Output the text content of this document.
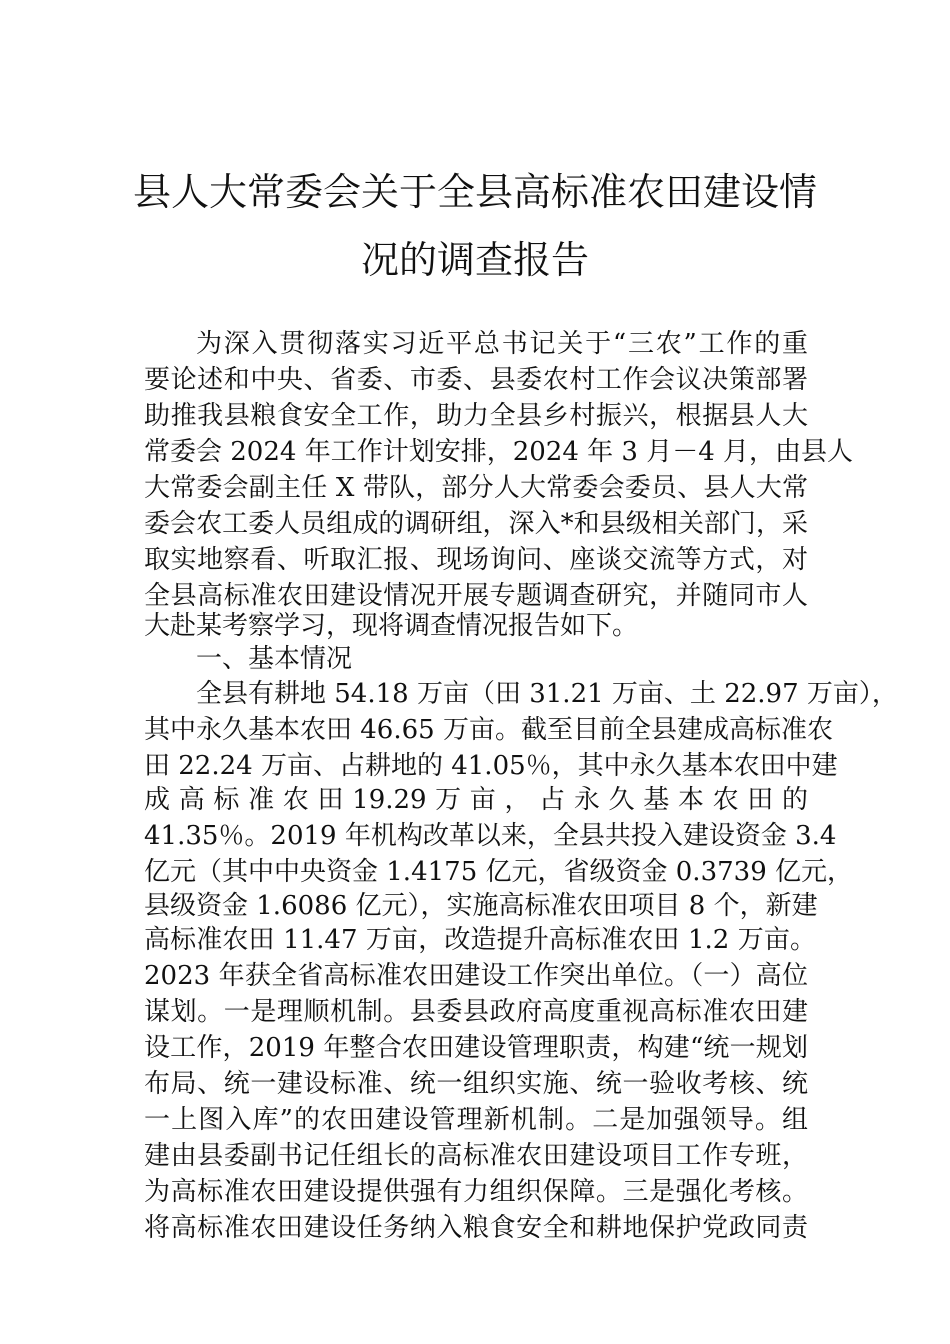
县人大常委会关于全县高标准农田建设情
况的调查报告
为深入贯彻落实习近平总书记关于“三农”工作的重
要论述和中央、省委、市委、县委农村工作会议决策部署
助推我县粮食安全工作，助力全县乡村振兴，根据县人大
常委会 2024 年工作计划安排，2024 年 3 月－4 月，由县人
大常委会副主任 X 带队，部分人大常委会委员、县人大常
委会农工委人员组成的调研组，深入*和县级相关部门，采
取实地察看、听取汇报、现场询问、座谈交流等方式，对
全县高标准农田建设情况开展专题调查研究，并随同市人
大赴某考察学习，现将调查情况报告如下。
一、基本情况
全县有耕地 54.18 万亩（田 31.21 万亩、土 22.97 万亩），
其中永久基本农田 46.65 万亩。截至目前全县建成高标准农
田 22.24 万亩、占耕地的 41.05％，其中永久基本农田中建
成 高 标 准 农 田 19.29 万 亩 ， 占 永 久 基 本 农 田 的
41.35％。2019 年机构改革以来，全县共投入建设资金 3.4
亿元（其中中央资金 1.4175 亿元，省级资金 0.3739 亿元，
县级资金 1.6086 亿元），实施高标准农田项目 8 个，新建
高标准农田 11.47 万亩，改造提升高标准农田 1.2 万亩。
2023 年获全省高标准农田建设工作突出单位。（一）高位
谋划。一是理顺机制。县委县政府高度重视高标准农田建
设工作，2019 年整合农田建设管理职责，构建“统一规划
布局、统一建设标准、统一组织实施、统一验收考核、统
一上图入库”的农田建设管理新机制。二是加强领导。组
建由县委副书记任组长的高标准农田建设项目工作专班，
为高标准农田建设提供强有力组织保障。三是强化考核。
将高标准农田建设任务纳入粮食安全和耕地保护党政同责
